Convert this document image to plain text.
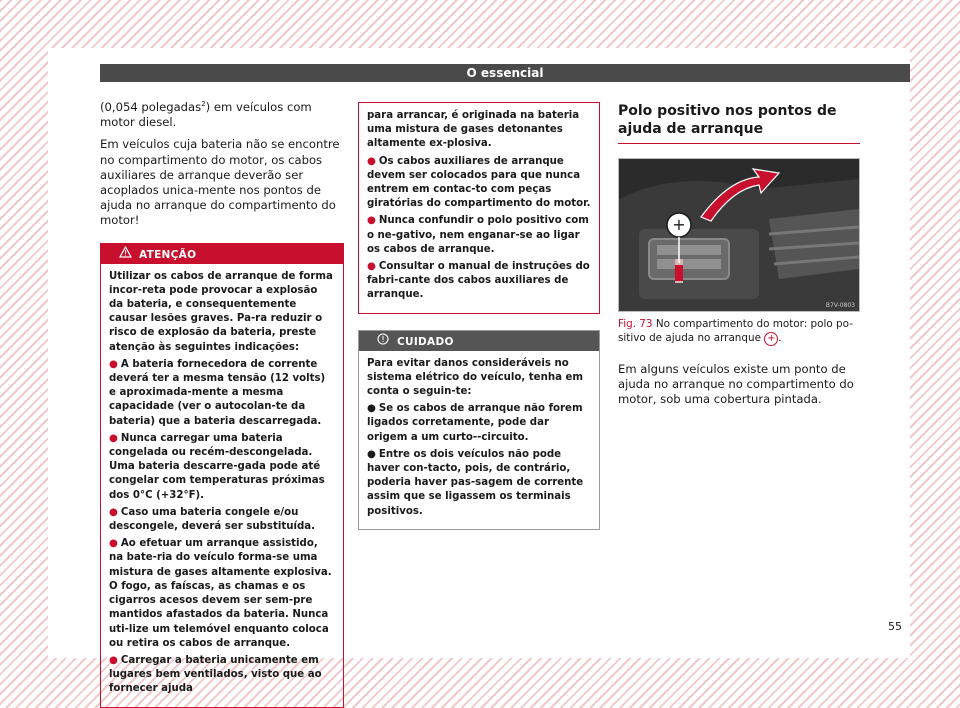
O essencial

(0,054 polegadas$^2$) em veículos com motor diesel.

Em veículos cuja bateria não se encontre no compartimento do motor, os cabos auxiliares de arranque deverão ser acoplados unica-mente nos pontos de ajuda no arranque do compartimento do motor!

ATENÇÃO

Utilizar os cabos de arranque de forma incor-reta pode provocar a explosão da bateria, e consequentemente causar lesões graves. Pa-ra reduzir o risco de explosão da bateria, preste atenção às seguintes indicações:

● A bateria fornecedora de corrente deverá ter a mesma tensão (12 volts) e aproximada-mente a mesma capacidade (ver o autocolan-te da bateria) que a bateria descarregada.

● Nunca carregar uma bateria congelada ou recém-descongelada. Uma bateria descarre-gada pode até congelar com temperaturas próximas dos 0°C (+32°F).

● Caso uma bateria congele e/ou descongele, deverá ser substituída.

● Ao efetuar um arranque assistido, na bate-ria do veículo forma-se uma mistura de gases altamente explosiva. O fogo, as faíscas, as chamas e os cigarros acesos devem ser sem-pre mantidos afastados da bateria. Nunca uti-lize um telemóvel enquanto coloca ou retira os cabos de arranque.

● Carregar a bateria unicamente em lugares bem ventilados, visto que ao fornecer ajuda

para arrancar, é originada na bateria uma mistura de gases detonantes altamente ex-plosiva.

● Os cabos auxiliares de arranque devem ser colocados para que nunca entrem em contac-to com peças giratórias do compartimento do motor.

● Nunca confundir o polo positivo com o ne-gativo, nem enganar-se ao ligar os cabos de arranque.

● Consultar o manual de instruções do fabri-cante dos cabos auxiliares de arranque.

CUIDADO

Para evitar danos consideráveis no sistema elétrico do veículo, tenha em conta o seguin-te:

● Se os cabos de arranque não forem ligados corretamente, pode dar origem a um curto--circuito.

● Entre os dois veículos não pode haver con-tacto, pois, de contrário, poderia haver pas-sagem de corrente assim que se ligassem os terminais positivos.

Polo positivo nos pontos de ajuda de arranque
+
B7V-0803
Fig. 73 No compartimento do motor: polo po-sitivo de ajuda no arranque + .

Em alguns veículos existe um ponto de ajuda no arranque no compartimento do motor, sob uma cobertura pintada.

55
